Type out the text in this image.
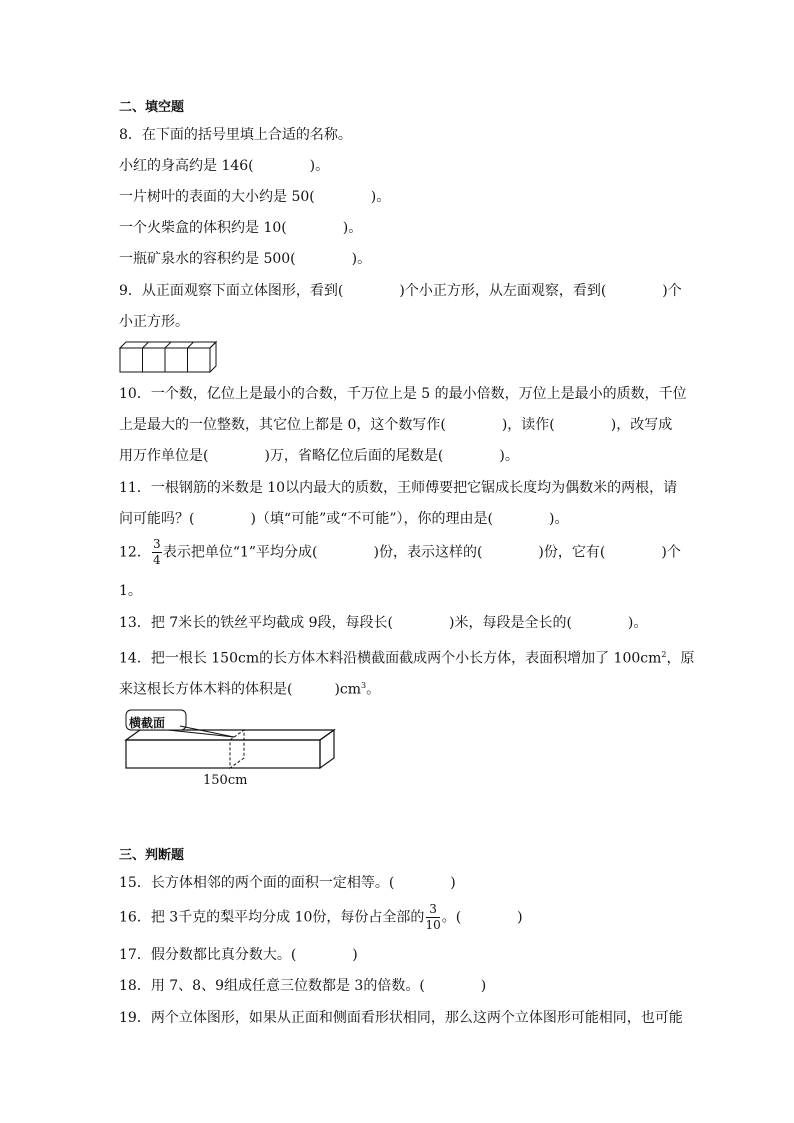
二、填空题
8．在下面的括号里填上合适的名称。
小红的身高约是 146(　　　　)。
一片树叶的表面的大小约是 50(　　　　)。
一个火柴盒的体积约是 10(　　　　)。
一瓶矿泉水的容积约是 500(　　　　)。
9．从正面观察下面立体图形，看到(　　　　)个小正方形，从左面观察，看到(　　　　)个
小正方形。
10．一个数，亿位上是最小的合数，千万位上是 5 的最小倍数，万位上是最小的质数，千位
上是最大的一位整数，其它位上都是 0，这个数写作(　　　　)，读作(　　　　)，改写成
用万作单位是(　　　　)万，省略亿位后面的尾数是(　　　　)。
11．一根钢筋的米数是 10以内最大的质数，王师傅要把它锯成长度均为偶数米的两根，请
问可能吗？(　　　　)（填“可能”或“不可能”），你的理由是(　　　　)。
12． $\frac{3}{4}$ 表示把单位“1”平均分成(　　　　)份，表示这样的(　　　　)份，它有(　　　　)个
1。
13．把 7米长的铁丝平均截成 9段，每段长(　　　　)米，每段是全长的(　　　　)。
14．把一根长 150cm的长方体木料沿横截面截成两个小长方体，表面积增加了 $100cm^2$，原
来这根长方体木料的体积是(　　　)$cm^3$。
横截面
150cm
三、判断题
15．长方体相邻的两个面的面积一定相等。(　　　　)
16．把 3千克的梨平均分成 10份，每份占全部的 $\frac{3}{10}$ 。(　　　　)
17．假分数都比真分数大。(　　　　)
18．用 7、8、9组成任意三位数都是 3的倍数。(　　　　)
19．两个立体图形，如果从正面和侧面看形状相同，那么这两个立体图形可能相同，也可能
